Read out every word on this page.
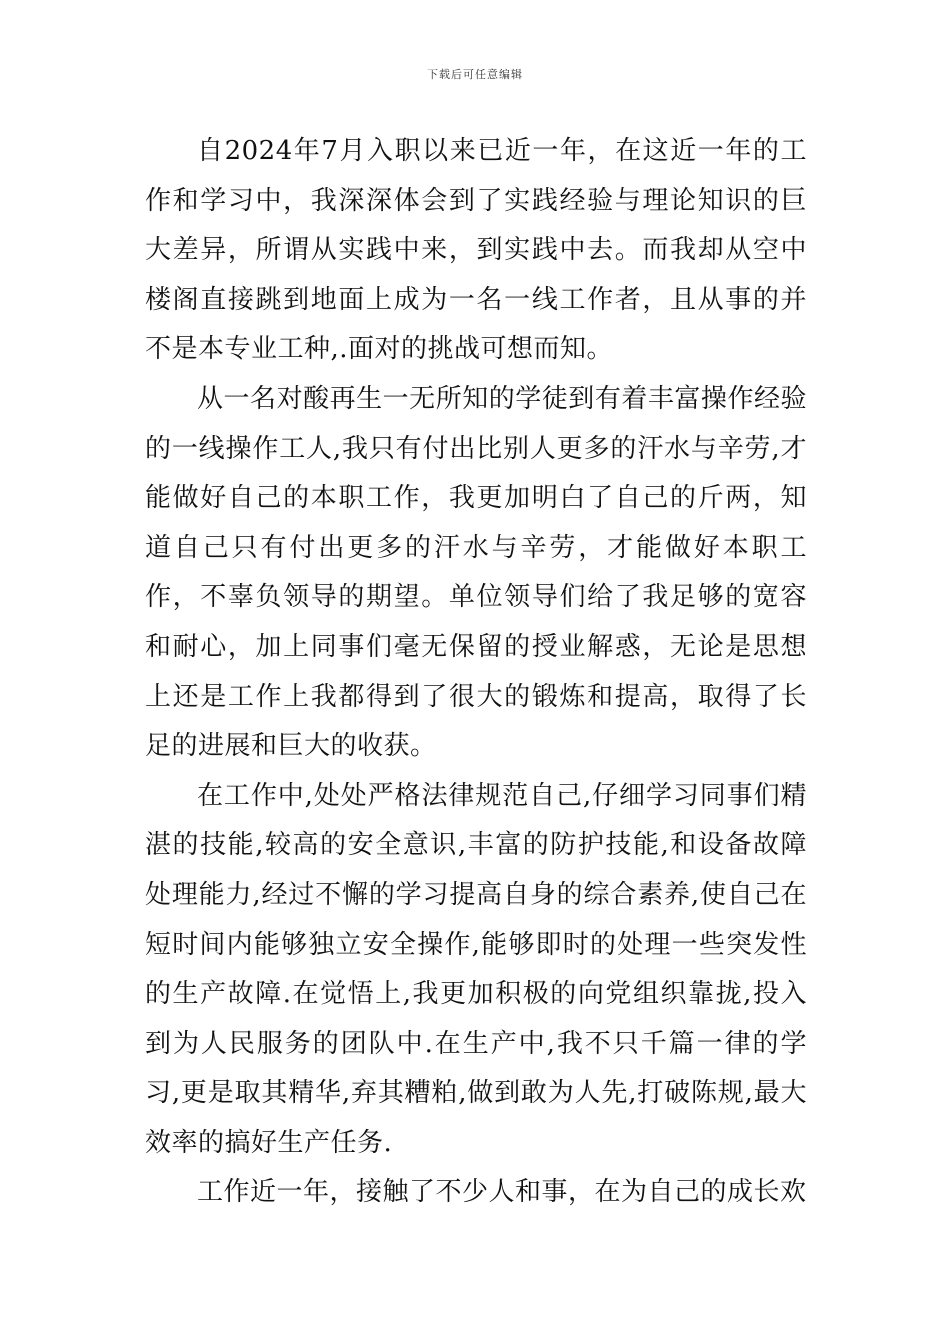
下载后可任意编辑

自2024年7月入职以来已近一年，在这近一年的工作和学习中，我深深体会到了实践经验与理论知识的巨大差异，所谓从实践中来，到实践中去。而我却从空中楼阁直接跳到地面上成为一名一线工作者，且从事的并不是本专业工种,.面对的挑战可想而知。

从一名对酸再生一无所知的学徒到有着丰富操作经验的一线操作工人,我只有付出比别人更多的汗水与辛劳,才能做好自己的本职工作，我更加明白了自己的斤两，知道自己只有付出更多的汗水与辛劳，才能做好本职工作，不辜负领导的期望。单位领导们给了我足够的宽容和耐心，加上同事们毫无保留的授业解惑，无论是思想上还是工作上我都得到了很大的锻炼和提高，取得了长足的进展和巨大的收获。

在工作中,处处严格法律规范自己,仔细学习同事们精湛的技能,较高的安全意识,丰富的防护技能,和设备故障处理能力,经过不懈的学习提高自身的综合素养,使自己在短时间内能够独立安全操作,能够即时的处理一些突发性的生产故障.在觉悟上,我更加积极的向党组织靠拢,投入到为人民服务的团队中.在生产中,我不只千篇一律的学习,更是取其精华,弃其糟粕,做到敢为人先,打破陈规,最大效率的搞好生产任务.

工作近一年，接触了不少人和事，在为自己的成长欢
